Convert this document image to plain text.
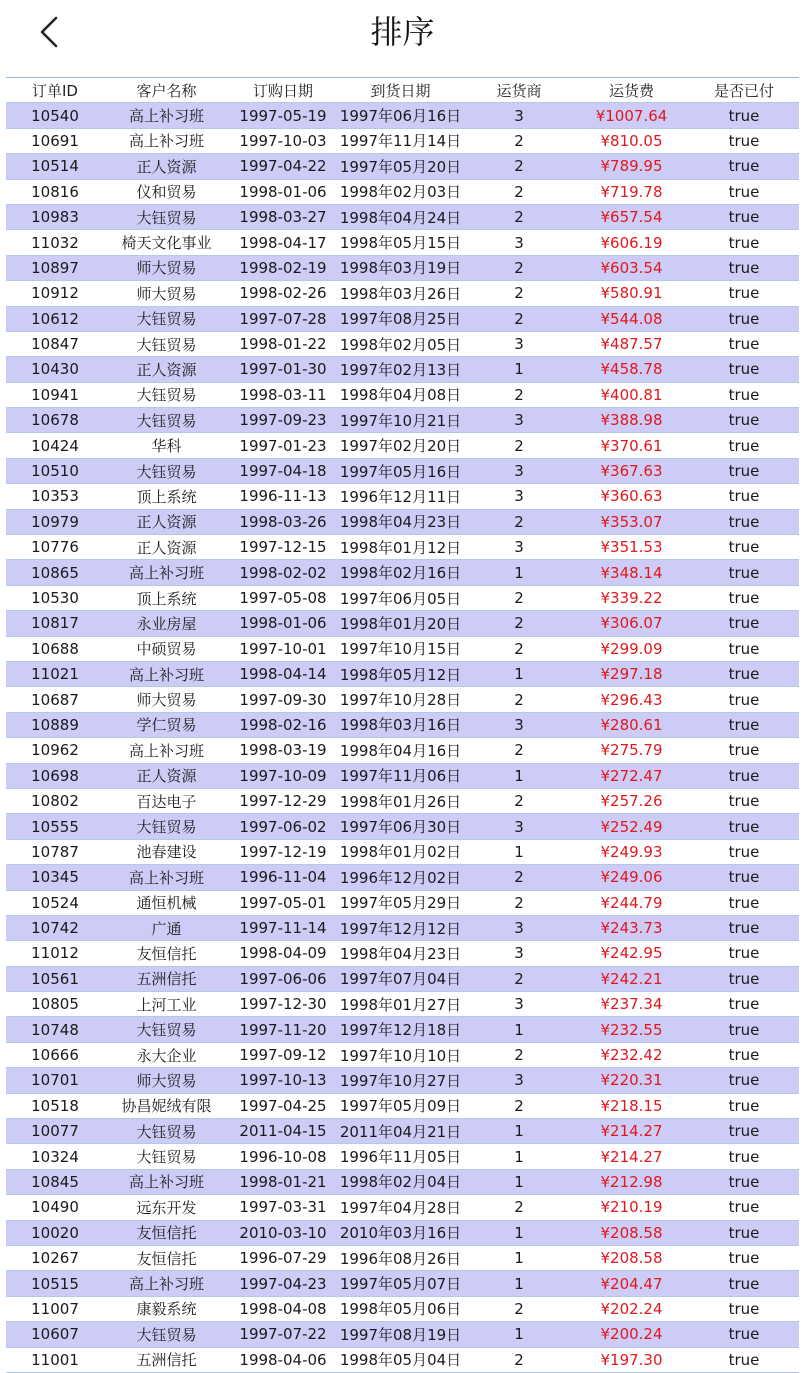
排序
订单ID	客户名称	订购日期	到货日期	运货商	运货费	是否已付
10540	高上补习班	1997-05-19	1997年06月16日	3	¥1007.64	true
10691	高上补习班	1997-10-03	1997年11月14日	2	¥810.05	true
10514	正人资源	1997-04-22	1997年05月20日	2	¥789.95	true
10816	仪和贸易	1998-01-06	1998年02月03日	2	¥719.78	true
10983	大钰贸易	1998-03-27	1998年04月24日	2	¥657.54	true
11032	椅天文化事业	1998-04-17	1998年05月15日	3	¥606.19	true
10897	师大贸易	1998-02-19	1998年03月19日	2	¥603.54	true
10912	师大贸易	1998-02-26	1998年03月26日	2	¥580.91	true
10612	大钰贸易	1997-07-28	1997年08月25日	2	¥544.08	true
10847	大钰贸易	1998-01-22	1998年02月05日	3	¥487.57	true
10430	正人资源	1997-01-30	1997年02月13日	1	¥458.78	true
10941	大钰贸易	1998-03-11	1998年04月08日	2	¥400.81	true
10678	大钰贸易	1997-09-23	1997年10月21日	3	¥388.98	true
10424	华科	1997-01-23	1997年02月20日	2	¥370.61	true
10510	大钰贸易	1997-04-18	1997年05月16日	3	¥367.63	true
10353	顶上系统	1996-11-13	1996年12月11日	3	¥360.63	true
10979	正人资源	1998-03-26	1998年04月23日	2	¥353.07	true
10776	正人资源	1997-12-15	1998年01月12日	3	¥351.53	true
10865	高上补习班	1998-02-02	1998年02月16日	1	¥348.14	true
10530	顶上系统	1997-05-08	1997年06月05日	2	¥339.22	true
10817	永业房屋	1998-01-06	1998年01月20日	2	¥306.07	true
10688	中硕贸易	1997-10-01	1997年10月15日	2	¥299.09	true
11021	高上补习班	1998-04-14	1998年05月12日	1	¥297.18	true
10687	师大贸易	1997-09-30	1997年10月28日	2	¥296.43	true
10889	学仁贸易	1998-02-16	1998年03月16日	3	¥280.61	true
10962	高上补习班	1998-03-19	1998年04月16日	2	¥275.79	true
10698	正人资源	1997-10-09	1997年11月06日	1	¥272.47	true
10802	百达电子	1997-12-29	1998年01月26日	2	¥257.26	true
10555	大钰贸易	1997-06-02	1997年06月30日	3	¥252.49	true
10787	池春建设	1997-12-19	1998年01月02日	1	¥249.93	true
10345	高上补习班	1996-11-04	1996年12月02日	2	¥249.06	true
10524	通恒机械	1997-05-01	1997年05月29日	2	¥244.79	true
10742	广通	1997-11-14	1997年12月12日	3	¥243.73	true
11012	友恒信托	1998-04-09	1998年04月23日	3	¥242.95	true
10561	五洲信托	1997-06-06	1997年07月04日	2	¥242.21	true
10805	上河工业	1997-12-30	1998年01月27日	3	¥237.34	true
10748	大钰贸易	1997-11-20	1997年12月18日	1	¥232.55	true
10666	永大企业	1997-09-12	1997年10月10日	2	¥232.42	true
10701	师大贸易	1997-10-13	1997年10月27日	3	¥220.31	true
10518	协昌妮绒有限	1997-04-25	1997年05月09日	2	¥218.15	true
10077	大钰贸易	2011-04-15	2011年04月21日	1	¥214.27	true
10324	大钰贸易	1996-10-08	1996年11月05日	1	¥214.27	true
10845	高上补习班	1998-01-21	1998年02月04日	1	¥212.98	true
10490	远东开发	1997-03-31	1997年04月28日	2	¥210.19	true
10020	友恒信托	2010-03-10	2010年03月16日	1	¥208.58	true
10267	友恒信托	1996-07-29	1996年08月26日	1	¥208.58	true
10515	高上补习班	1997-04-23	1997年05月07日	1	¥204.47	true
11007	康毅系统	1998-04-08	1998年05月06日	2	¥202.24	true
10607	大钰贸易	1997-07-22	1997年08月19日	1	¥200.24	true
11001	五洲信托	1998-04-06	1998年05月04日	2	¥197.30	true
